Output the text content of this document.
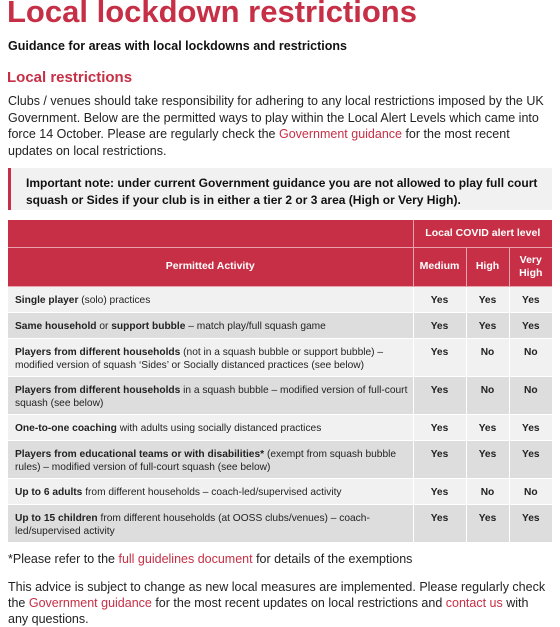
Local lockdown restrictions
Guidance for areas with local lockdowns and restrictions
Local restrictions
Clubs / venues should take responsibility for adhering to any local restrictions imposed by the UK Government. Below are the permitted ways to play within the Local Alert Levels which came into force 14 October. Please are regularly check the Government guidance for the most recent updates on local restrictions.
Important note: under current Government guidance you are not allowed to play full court squash or Sides if your club is in either a tier 2 or 3 area (High or Very High).
	Local COVID alert level		
Permitted Activity	Medium	High	Very High
Single player (solo) practices	Yes	Yes	Yes
Same household or support bubble – match play/full squash game	Yes	Yes	Yes
Players from different households (not in a squash bubble or support bubble) – modified version of squash ‘Sides’ or Socially distanced practices (see below)	Yes	No	No
Players from different households in a squash bubble – modified version of full-court squash (see below)	Yes	No	No
One-to-one coaching with adults using socially distanced practices	Yes	Yes	Yes
Players from educational teams or with disabilities* (exempt from squash bubble rules) – modified version of full-court squash (see below)	Yes	Yes	Yes
Up to 6 adults from different households – coach-led/supervised activity	Yes	No	No
Up to 15 children from different households (at OOSS clubs/venues) – coach-led/supervised activity	Yes	Yes	Yes
*Please refer to the full guidelines document for details of the exemptions
This advice is subject to change as new local measures are implemented. Please regularly check the Government guidance for the most recent updates on local restrictions and contact us with any questions.
